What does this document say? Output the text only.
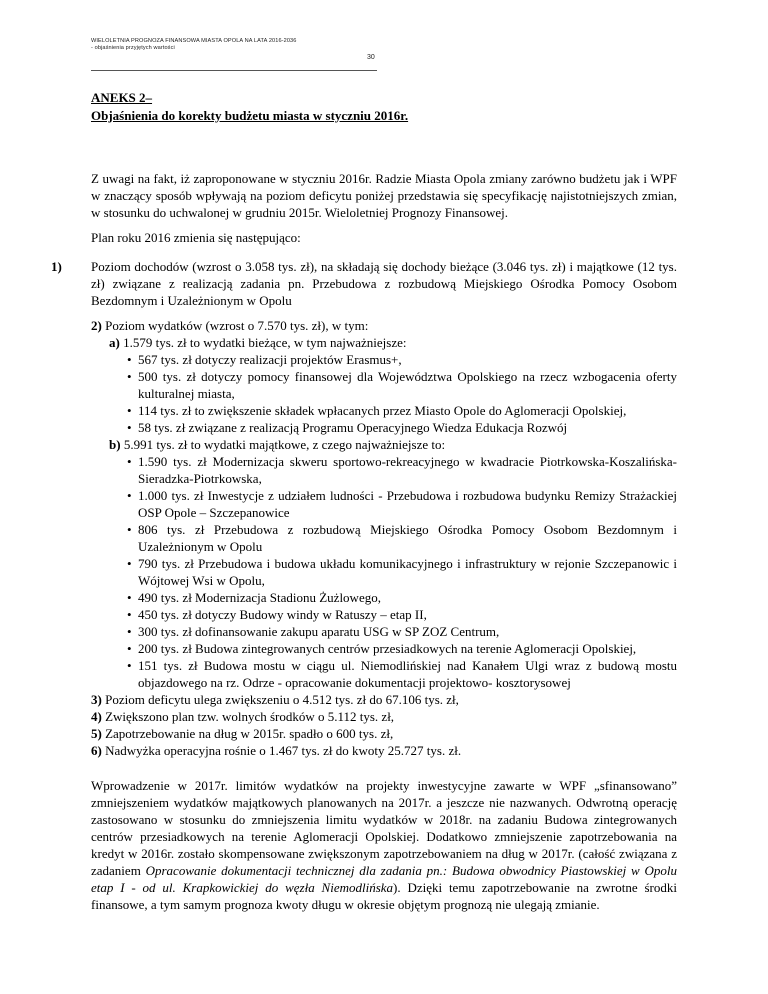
WIELOLETNIA PROGNOZA FINANSOWA MIASTA OPOLA NA LATA 2016-2036
- objaśnienia przyjętych wartości
30
ANEKS 2–
Objaśnienia do korekty budżetu miasta w styczniu 2016r.
Z uwagi na fakt, iż zaproponowane w styczniu 2016r. Radzie Miasta Opola zmiany zarówno budżetu jak i WPF w znaczący sposób wpływają na poziom deficytu poniżej przedstawia się specyfikację najistotniejszych zmian, w stosunku do uchwalonej w grudniu 2015r. Wieloletniej Prognozy Finansowej.
Plan roku 2016 zmienia się następująco:
1) Poziom dochodów (wzrost o 3.058 tys. zł), na składają się dochody bieżące (3.046 tys. zł) i majątkowe (12 tys. zł) związane z realizacją zadania pn. Przebudowa z rozbudową Miejskiego Ośrodka Pomocy Osobom Bezdomnym i Uzależnionym w Opolu
2) Poziom wydatków (wzrost o 7.570 tys. zł), w tym:
a) 1.579 tys. zł to wydatki bieżące, w tym najważniejsze:
• 567 tys. zł dotyczy realizacji projektów Erasmus+,
• 500 tys. zł dotyczy pomocy finansowej dla Województwa Opolskiego na rzecz wzbogacenia oferty kulturalnej miasta,
• 114 tys. zł to zwiększenie składek wpłacanych przez Miasto Opole do Aglomeracji Opolskiej,
• 58 tys. zł związane z realizacją Programu Operacyjnego Wiedza Edukacja Rozwój
b) 5.991 tys. zł to wydatki majątkowe, z czego najważniejsze to:
• 1.590 tys. zł Modernizacja skweru sportowo-rekreacyjnego w kwadracie Piotrkowska-Koszalińska-Sieradzka-Piotrkowska,
• 1.000 tys. zł Inwestycje z udziałem ludności - Przebudowa i rozbudowa budynku Remizy Strażackiej OSP Opole – Szczepanowice
• 806 tys. zł Przebudowa z rozbudową Miejskiego Ośrodka Pomocy Osobom Bezdomnym i Uzależnionym w Opolu
• 790 tys. zł Przebudowa i budowa układu komunikacyjnego i infrastruktury w rejonie Szczepanowic i Wójtowej Wsi w Opolu,
• 490 tys. zł Modernizacja Stadionu Żużlowego,
• 450 tys. zł dotyczy Budowy windy w Ratuszy – etap II,
• 300 tys. zł dofinansowanie zakupu aparatu USG w SP ZOZ Centrum,
• 200 tys. zł Budowa zintegrowanych centrów przesiadkowych na terenie Aglomeracji Opolskiej,
• 151 tys. zł Budowa mostu w ciągu ul. Niemodlińskiej nad Kanałem Ulgi wraz z budową mostu objazdowego na rz. Odrze - opracowanie dokumentacji projektowo- kosztorysowej
3) Poziom deficytu ulega zwiększeniu o 4.512 tys. zł do 67.106 tys. zł,
4) Zwiększono plan tzw. wolnych środków o 5.112 tys. zł,
5) Zapotrzebowanie na dług w 2015r. spadło o 600 tys. zł,
6) Nadwyżka operacyjna rośnie o 1.467 tys. zł do kwoty 25.727 tys. zł.
Wprowadzenie w 2017r. limitów wydatków na projekty inwestycyjne zawarte w WPF „sfinansowano” zmniejszeniem wydatków majątkowych planowanych na 2017r. a jeszcze nie nazwanych. Odwrotną operację zastosowano w stosunku do zmniejszenia limitu wydatków w 2018r. na zadaniu Budowa zintegrowanych centrów przesiadkowych na terenie Aglomeracji Opolskiej. Dodatkowo zmniejszenie zapotrzebowania na kredyt w 2016r. zostało skompensowane zwiększonym zapotrzebowaniem na dług w 2017r. (całość związana z zadaniem Opracowanie dokumentacji technicznej dla zadania pn.: Budowa obwodnicy Piastowskiej w Opolu etap I - od ul. Krapkowickiej do węzła Niemodlińska). Dzięki temu zapotrzebowanie na zwrotne środki finansowe, a tym samym prognoza kwoty długu w okresie objętym prognozą nie ulegają zmianie.
